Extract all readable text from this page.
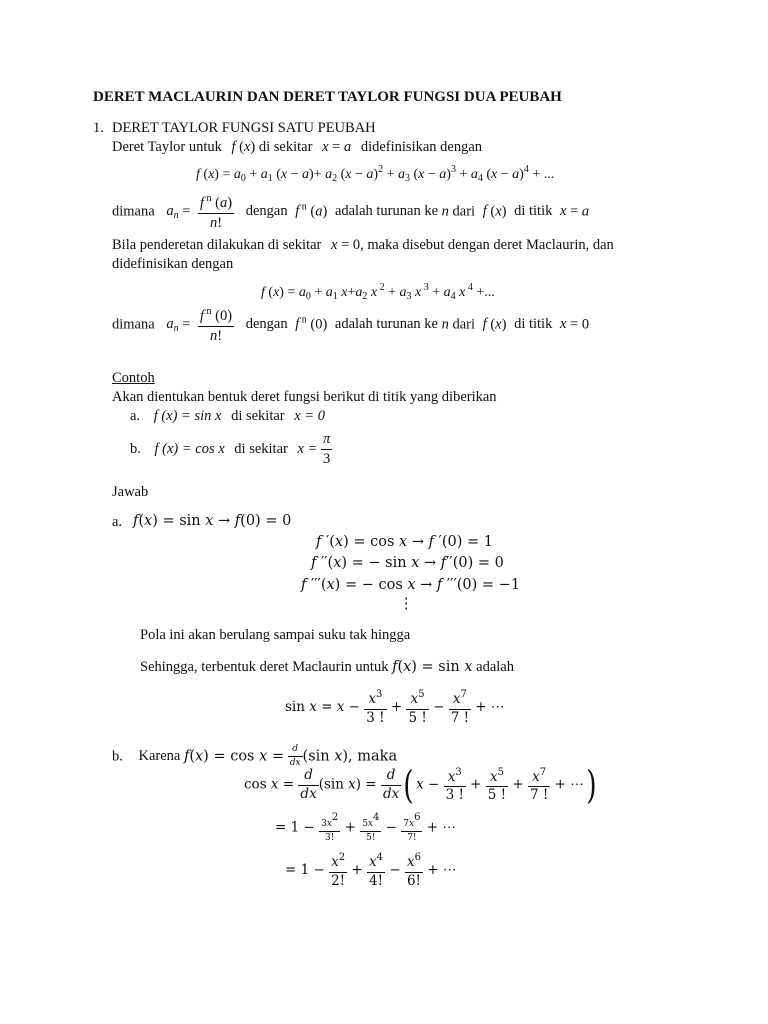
DERET MACLAURIN DAN DERET TAYLOR FUNGSI DUA PEUBAH
1. DERET TAYLOR FUNGSI SATU PEUBAH
Deret Taylor untuk f (x) di sekitar x = a didefinisikan dengan
f $(x) = a_0 + a_1$ $(x - a)+ a_2$ $(x - a)^2 + a_3$ $(x - a)^3 + a_4$ $(x - a)^4$ + ...
dimana $a_n = \frac{f ^n (a)}{n!}$ dengan f $^n$ (a) adalah turunan ke n dari f (x) di titik x = a
Bila penderetan dilakukan di sekitar x = 0, maka disebut dengan deret Maclaurin, dan
didefinisikan dengan
f $(x) = a_0 + a_1$ $x+a_2$ x $^2 + a_3$ x $^3 + a_4$ x $^4$ +...
dimana $a_n = \frac{f ^n (0)}{n!}$ dengan f $^n$ (0) adalah turunan ke n dari f (x) di titik x = 0
Contoh
Akan dientukan bentuk deret fungsi berikut di titik yang diberikan
a. f (x) = sin x di sekitar x = 0
b. f (x) = cos x di sekitar $x = \frac{\pi}{3}$
Jawab
a. 𝑓(𝑥) = sin 𝑥 → 𝑓(0) = 0
𝑓 ′(𝑥) = cos 𝑥 → 𝑓 ′(0) = 1
𝑓 ′′(𝑥) = − sin 𝑥 → 𝑓′′(0) = 0
𝑓 ′′′(𝑥) = − cos 𝑥 → 𝑓 ′′′(0) = −1
⋮
Pola ini akan berulang sampai suku tak hingga
Sehingga, terbentuk deret Maclaurin untuk 𝑓(𝑥) = sin 𝑥 adalah
sin 𝑥 = 𝑥 − $\frac{𝑥^3}{3 !} + \frac{𝑥^5}{5 !} - \frac{𝑥^7}{7 !}$ + ⋯
b. Karena 𝑓(𝑥) = cos 𝑥 = $\frac{\text{𝑑}}{\text{𝑑𝑥}} (\sin$ 𝑥), maka
cos 𝑥 = $\frac{\text{𝑑}}{\text{𝑑𝑥}} (\sin$ 𝑥) = $\frac{\text{𝑑}}{\text{𝑑𝑥}}$ ( 𝑥 − $\frac{𝑥^3}{3 !} + \frac{𝑥^5}{5 !} + \frac{𝑥^7}{7 !}$ + ⋯)
= $1 - \frac{3𝑥^2}{3!} + \frac{5𝑥^4}{5!} - \frac{7𝑥^6}{7!}$ + ⋯
= $1 - \frac{𝑥^2}{2!} + \frac{𝑥^4}{4!} - \frac{𝑥^6}{6!}$ + ⋯
